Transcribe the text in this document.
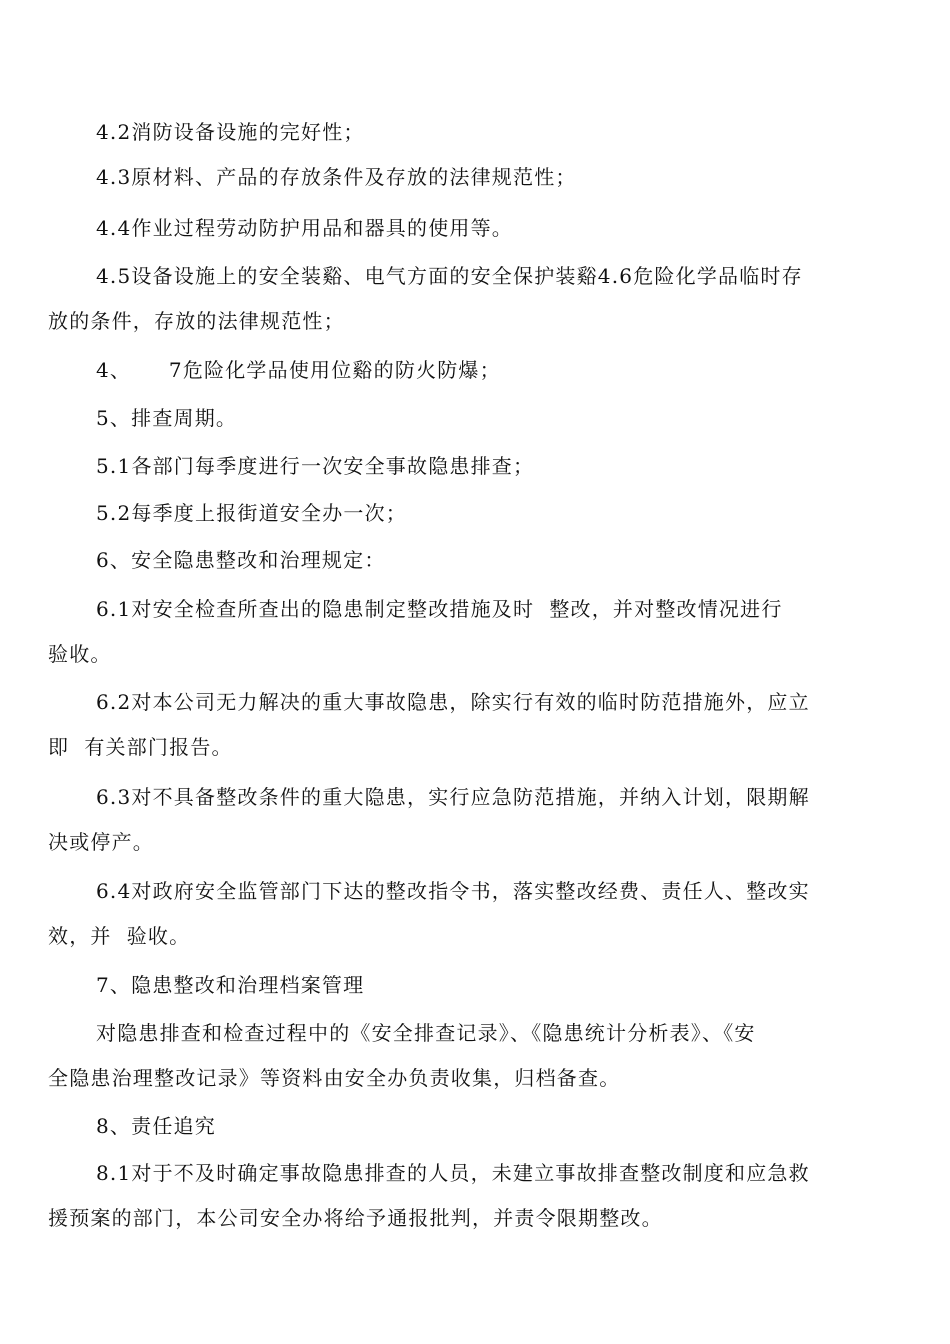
4.2消防设备设施的完好性；
4.3原材料、产品的存放条件及存放的法律规范性；
4.4作业过程劳动防护用品和器具的使用等。
4.5设备设施上的安全装谿、电气方面的安全保护装谿4.6危险化学品临时存
放的条件，存放的法律规范性；
4、     7危险化学品使用位谿的防火防爆；
5、排查周期。
5.1各部门每季度进行一次安全事故隐患排查；
5.2每季度上报街道安全办一次；
6、安全隐患整改和治理规定：
6.1对安全检查所查出的隐患制定整改措施及时  整改，并对整改情况进行
验收。
6.2对本公司无力解决的重大事故隐患，除实行有效的临时防范措施外，应立
即  有关部门报告。
6.3对不具备整改条件的重大隐患，实行应急防范措施，并纳入计划，限期解
决或停产。
6.4对政府安全监管部门下达的整改指令书，落实整改经费、责任人、整改实
效，并  验收。
7、隐患整改和治理档案管理
对隐患排查和检查过程中的《安全排查记录》、《隐患统计分析表》、《安
全隐患治理整改记录》等资料由安全办负责收集，归档备查。
8、责任追究
8.1对于不及时确定事故隐患排查的人员，未建立事故排查整改制度和应急救
援预案的部门，本公司安全办将给予通报批判，并责令限期整改。
